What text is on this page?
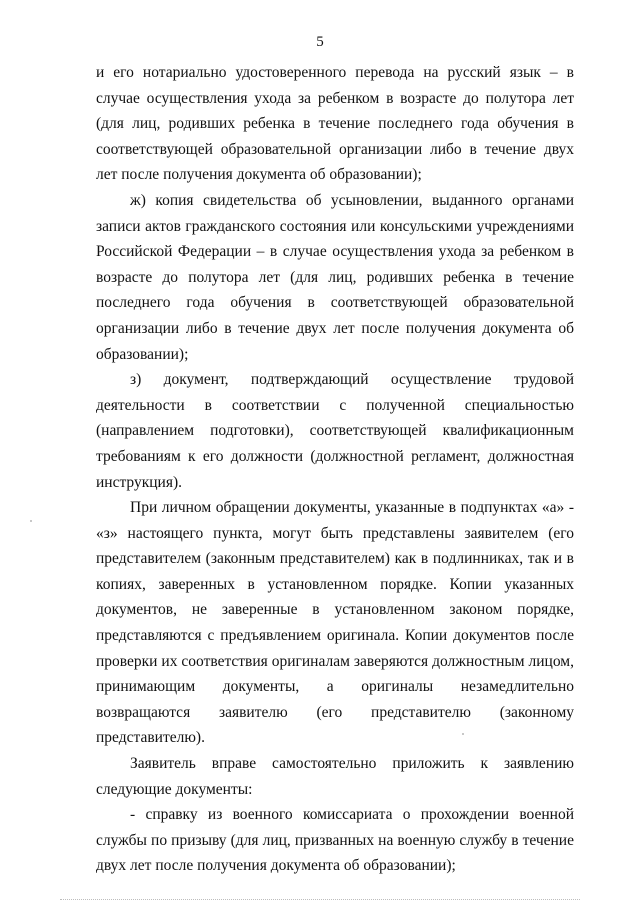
5

и его нотариально удостоверенного перевода на русский язык – в случае осуществления ухода за ребенком в возрасте до полутора лет (для лиц, родивших ребенка в течение последнего года обучения в соответствующей образовательной организации либо в течение двух лет после получения документа об образовании);

ж) копия свидетельства об усыновлении, выданного органами записи актов гражданского состояния или консульскими учреждениями Российской Федерации – в случае осуществления ухода за ребенком в возрасте до полутора лет (для лиц, родивших ребенка в течение последнего года обучения в соответствующей образовательной организации либо в течение двух лет после получения документа об образовании);

з) документ, подтверждающий осуществление трудовой деятельности в соответствии с полученной специальностью (направлением подготовки), соответствующей квалификационным требованиям к его должности (должностной регламент, должностная инструкция).

При личном обращении документы, указанные в подпунктах «а» - «з» настоящего пункта, могут быть представлены заявителем (его представителем (законным представителем) как в подлинниках, так и в копиях, заверенных в установленном порядке. Копии указанных документов, не заверенные в установленном законом порядке, представляются с предъявлением оригинала. Копии документов после проверки их соответствия оригиналам заверяются должностным лицом, принимающим документы, а оригиналы незамедлительно возвращаются заявителю (его представителю (законному представителю).

Заявитель вправе самостоятельно приложить к заявлению следующие документы:

- справку из военного комиссариата о прохождении военной службы по призыву (для лиц, призванных на военную службу в течение двух лет после получения документа об образовании);
